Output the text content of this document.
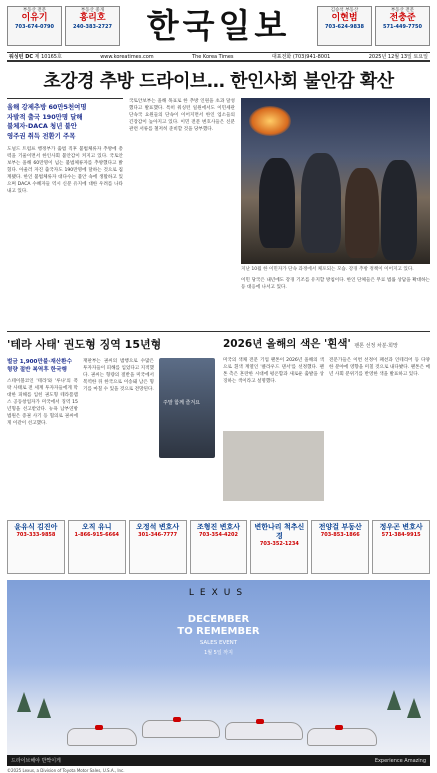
부동산 전문
이유기
703-674-0790
부동산 중개
홍리호
240-383-2727 한국일보	김승석 부동산
이현범
703-624-9838
부동산 전문
전충준
571-449-7750
워싱턴 DC 제 10165호	www.koreatimes.com	The Korea Times	대표전화 (703)941-8001	2025년 12월 13일 토요일
초강경 추방 드라이브… 한인사회 불안감 확산
올해 강제추방 60만5천여명
자발적 출국 190만명 달해
불체자·DACA 청년 불안
영주권 취득 전환기 주목
도널드 트럼프 행정부가 출범 직후 불법체류자 추방에 총력을 기울이면서 한인사회 불안감이 커지고 있다. 국토안보부는 올해 60만명이 넘는 불법체류자를 추방했다고 밝혔다. 아울러 자진 출국자도 190만명에 달하는 것으로 집계됐다. 한인 불법체류자 대다수는 불안 속에 생활하고 있으며 DACA 수혜자들 역시 신분 유지에 대한 우려를 나타내고 있다.
국토안보부는 올해 목표로 한 추방 인원을 초과 달성했다고 발표했다. 특히 워싱턴 일원에서도 이민세관단속국 요원들의 단속이 이어지면서 한인 업소들의 긴장감이 높아지고 있다. 이민 전문 변호사들은 신분 관련 서류를 철저히 준비할 것을 당부했다.
지난 10월 한 이민자가 단속 과정에서 체포되는 모습. 강경 추방 정책이 이어지고 있다.
이민 당국은 내년에도 강경 기조를 유지할 방침이다. 한인 단체들은 무료 법률 상담을 확대하는 등 대응에 나서고 있다.
'테라 사태' 권도형 징역 15년형
벌금 1,900만불·재산환수
형량 절반 복역후 한국행
스테이블코인 '테라'와 '루나'의 폭락 사태로 전 세계 투자자들에게 막대한 피해를 입힌 권도형 테라폼랩스 공동창업자가 미국에서 징역 15년형을 선고받았다. 뉴욕 남부연방법원은 증권 사기 등 혐의로 권씨에게 이같이 선고했다.
재판부는 권씨의 범행으로 수많은 투자자들이 피해를 입었다고 지적했다. 권씨는 형량의 절반을 미국에서 복역한 뒤 한국으로 이송돼 남은 형기를 마칠 수 있을 것으로 전망된다.
주말 함께 즐겨요
2026년 올해의 색은 '흰색' 팬톤 선정 차분·희망
미국의 색채 전문 기업 팬톤이 2026년 올해의 색으로 흰색 계열인 '클라우드 댄서'를 선정했다. 팬톤 측은 혼란한 시대에 평온함과 새로운 출발을 상징하는 색이라고 설명했다.
전문가들은 이번 선정이 패션과 인테리어 등 다양한 분야에 영향을 미칠 것으로 내다봤다. 팬톤은 매년 사회 분위기를 반영한 색을 발표하고 있다.
윤유식 김진아
703-333-9858
오직 유니
1-866-915-6664
오정석 변호사
301-346-7777
조형진 변호사
703-354-4202
변한나리 척추신경
703-352-1234
전양걸 부동산
703-853-1866
정우곤 변호사
571-384-9915
LEXUS
DECEMBER
TO REMEMBER
SALES EVENT
1월 5일 까지
드라이브해야 반짝이게	Experience Amazing
©2025 Lexus, a Division of Toyota Motor Sales, U.S.A., Inc.
